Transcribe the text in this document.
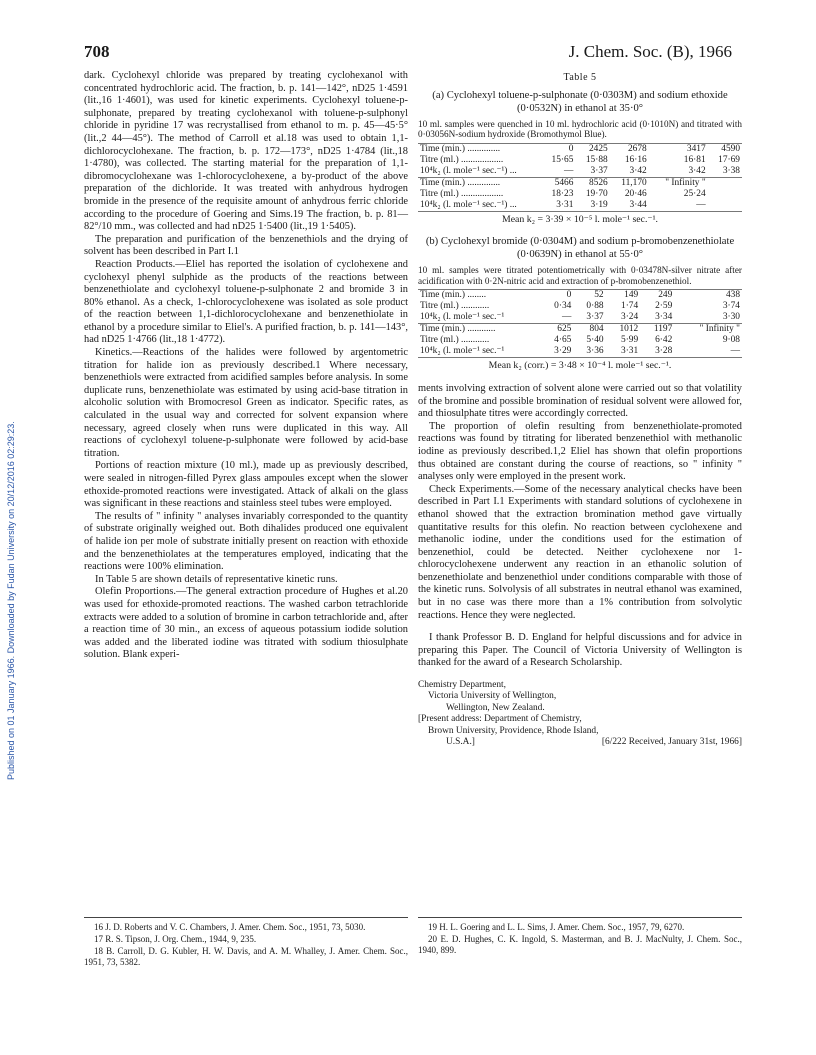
Published on 01 January 1966. Downloaded by Fudan University on 20/12/2016 02:29:23.
708	J. Chem. Soc. (B), 1966

dark. Cyclohexyl chloride was prepared by treating cyclohexanol with concentrated hydrochloric acid. The fraction, b. p. 141—142°, nD25 1·4591 (lit.,16 1·4601), was used for kinetic experiments. Cyclohexyl toluene-p-sulphonate, prepared by treating cyclohexanol with toluene-p-sulphonyl chloride in pyridine 17 was recrystallised from ethanol to m. p. 45—45·5° (lit.,2 44—45°). The method of Carroll et al.18 was used to obtain 1,1-dichlorocyclohexane. The fraction, b. p. 172—173°, nD25 1·4784 (lit.,18 1·4780), was collected. The starting material for the preparation of 1,1-dibromocyclohexane was 1-chlorocyclohexene, a by-product of the above preparation of the dichloride. It was treated with anhydrous hydrogen bromide in the presence of the requisite amount of anhydrous ferric chloride according to the procedure of Goering and Sims.19 The fraction, b. p. 81—82°/10 mm., was collected and had nD25 1·5400 (lit.,19 1·5405).

The preparation and purification of the benzenethiols and the drying of solvent has been described in Part I.1

Reaction Products.—Eliel has reported the isolation of cyclohexene and cyclohexyl phenyl sulphide as the products of the reactions between benzenethiolate and cyclohexyl toluene-p-sulphonate 2 and bromide 3 in 80% ethanol. As a check, 1-chlorocyclohexene was isolated as sole product of the reaction between 1,1-dichlorocyclohexane and benzenethiolate in ethanol by a procedure similar to Eliel's. A purified fraction, b. p. 141—143°, had nD25 1·4766 (lit.,18 1·4772).

Kinetics.—Reactions of the halides were followed by argentometric titration for halide ion as previously described.1 Where necessary, benzenethiols were extracted from acidified samples before analysis. In some duplicate runs, benzenethiolate was estimated by using acid-base titration in alcoholic solution with Bromocresol Green as indicator. Specific rates, as calculated in the usual way and corrected for solvent expansion where necessary, agreed closely when runs were duplicated in this way. All reactions of cyclohexyl toluene-p-sulphonate were followed by acid-base titration.

Portions of reaction mixture (10 ml.), made up as previously described, were sealed in nitrogen-filled Pyrex glass ampoules except when the slower ethoxide-promoted reactions were investigated. Attack of alkali on the glass was significant in these reactions and stainless steel tubes were employed.

The results of " infinity " analyses invariably corresponded to the quantity of substrate originally weighed out. Both dihalides produced one equivalent of halide ion per mole of substrate initially present on reaction with ethoxide and the benzenethiolates at the temperatures employed, indicating that the reactions were 100% elimination.

In Table 5 are shown details of representative kinetic runs.

Olefin Proportions.—The general extraction procedure of Hughes et al.20 was used for ethoxide-promoted reactions. The washed carbon tetrachloride extracts were added to a solution of bromine in carbon tetrachloride and, after a reaction time of 30 min., an excess of aqueous potassium iodide solution was added and the liberated iodine was titrated with sodium thiosulphate solution. Blank experi-

Table 5
(a) Cyclohexyl toluene-p-sulphonate (0·0303M) and sodium ethoxide (0·0532N) in ethanol at 35·0°
10 ml. samples were quenched in 10 ml. hydrochloric acid (0·1010N) and titrated with 0·03056N-sodium hydroxide (Bromothymol Blue).
Time (min.) ..............	0	2425	2678	3417	4590
Titre (ml.) ..................	15·65	15·88	16·16	16·81	17·69
10⁴k₂ (l. mole⁻¹ sec.⁻¹) ...	—	3·37	3·42	3·42	3·38
Time (min.) ..............	5466	8526	11,170	" Infinity "	
Titre (ml.) ..................	18·23	19·70	20·46	25·24	
10⁴k₂ (l. mole⁻¹ sec.⁻¹) ...	3·31	3·19	3·44	—	
Mean k₂ = 3·39 × 10⁻⁵ l. mole⁻¹ sec.⁻¹.
(b) Cyclohexyl bromide (0·0304M) and sodium p-bromobenzenethiolate (0·0639N) in ethanol at 55·0°
10 ml. samples were titrated potentiometrically with 0·03478N-silver nitrate after acidification with 0·2N-nitric acid and extraction of p-bromobenzenethiol.
Time (min.) ........	0	52	149	249	438
Titre (ml.) ............	0·34	0·88	1·74	2·59	3·74
10⁴k₂ (l. mole⁻¹ sec.⁻¹	—	3·37	3·24	3·34	3·30
Time (min.) ............	625	804	1012	1197	" Infinity "
Titre (ml.) ............	4·65	5·40	5·99	6·42	9·08
10⁴k₂ (l. mole⁻¹ sec.⁻¹	3·29	3·36	3·31	3·28	—
Mean k₂ (corr.) = 3·48 × 10⁻⁴ l. mole⁻¹ sec.⁻¹.

ments involving extraction of solvent alone were carried out so that volatility of the bromine and possible bromination of residual solvent were allowed for, and thiosulphate titres were accordingly corrected.

The proportion of olefin resulting from benzenethiolate-promoted reactions was found by titrating for liberated benzenethiol with methanolic iodine as previously described.1,2 Eliel has shown that olefin proportions thus obtained are constant during the course of reactions, so " infinity " analyses only were employed in the present work.

Check Experiments.—Some of the necessary analytical checks have been described in Part I.1 Experiments with standard solutions of cyclohexene in ethanol showed that the extraction bromination method gave virtually quantitative results for this olefin. No reaction between cyclohexene and methanolic iodine, under the conditions used for the estimation of benzenethiol, could be detected. Neither cyclohexene nor 1-chlorocyclohexene underwent any reaction in an ethanolic solution of benzenethiolate and benzenethiol under conditions comparable with those of the kinetic runs. Solvolysis of all substrates in neutral ethanol was examined, but in no case was there more than a 1% contribution from solvolytic reactions. Hence they were neglected.

I thank Professor B. D. England for helpful discussions and for advice in preparing this Paper. The Council of Victoria University of Wellington is thanked for the award of a Research Scholarship.

Chemistry Department,
Victoria University of Wellington,
Wellington, New Zealand.
[Present address: Department of Chemistry,
Brown University, Providence, Rhode Island,
U.S.A.]	[6/222 Received, January 31st, 1966]
16 J. D. Roberts and V. C. Chambers, J. Amer. Chem. Soc., 1951, 73, 5030.
17 R. S. Tipson, J. Org. Chem., 1944, 9, 235.
18 B. Carroll, D. G. Kubler, H. W. Davis, and A. M. Whalley, J. Amer. Chem. Soc., 1951, 73, 5382.
19 H. L. Goering and L. L. Sims, J. Amer. Chem. Soc., 1957, 79, 6270.
20 E. D. Hughes, C. K. Ingold, S. Masterman, and B. J. MacNulty, J. Chem. Soc., 1940, 899.
